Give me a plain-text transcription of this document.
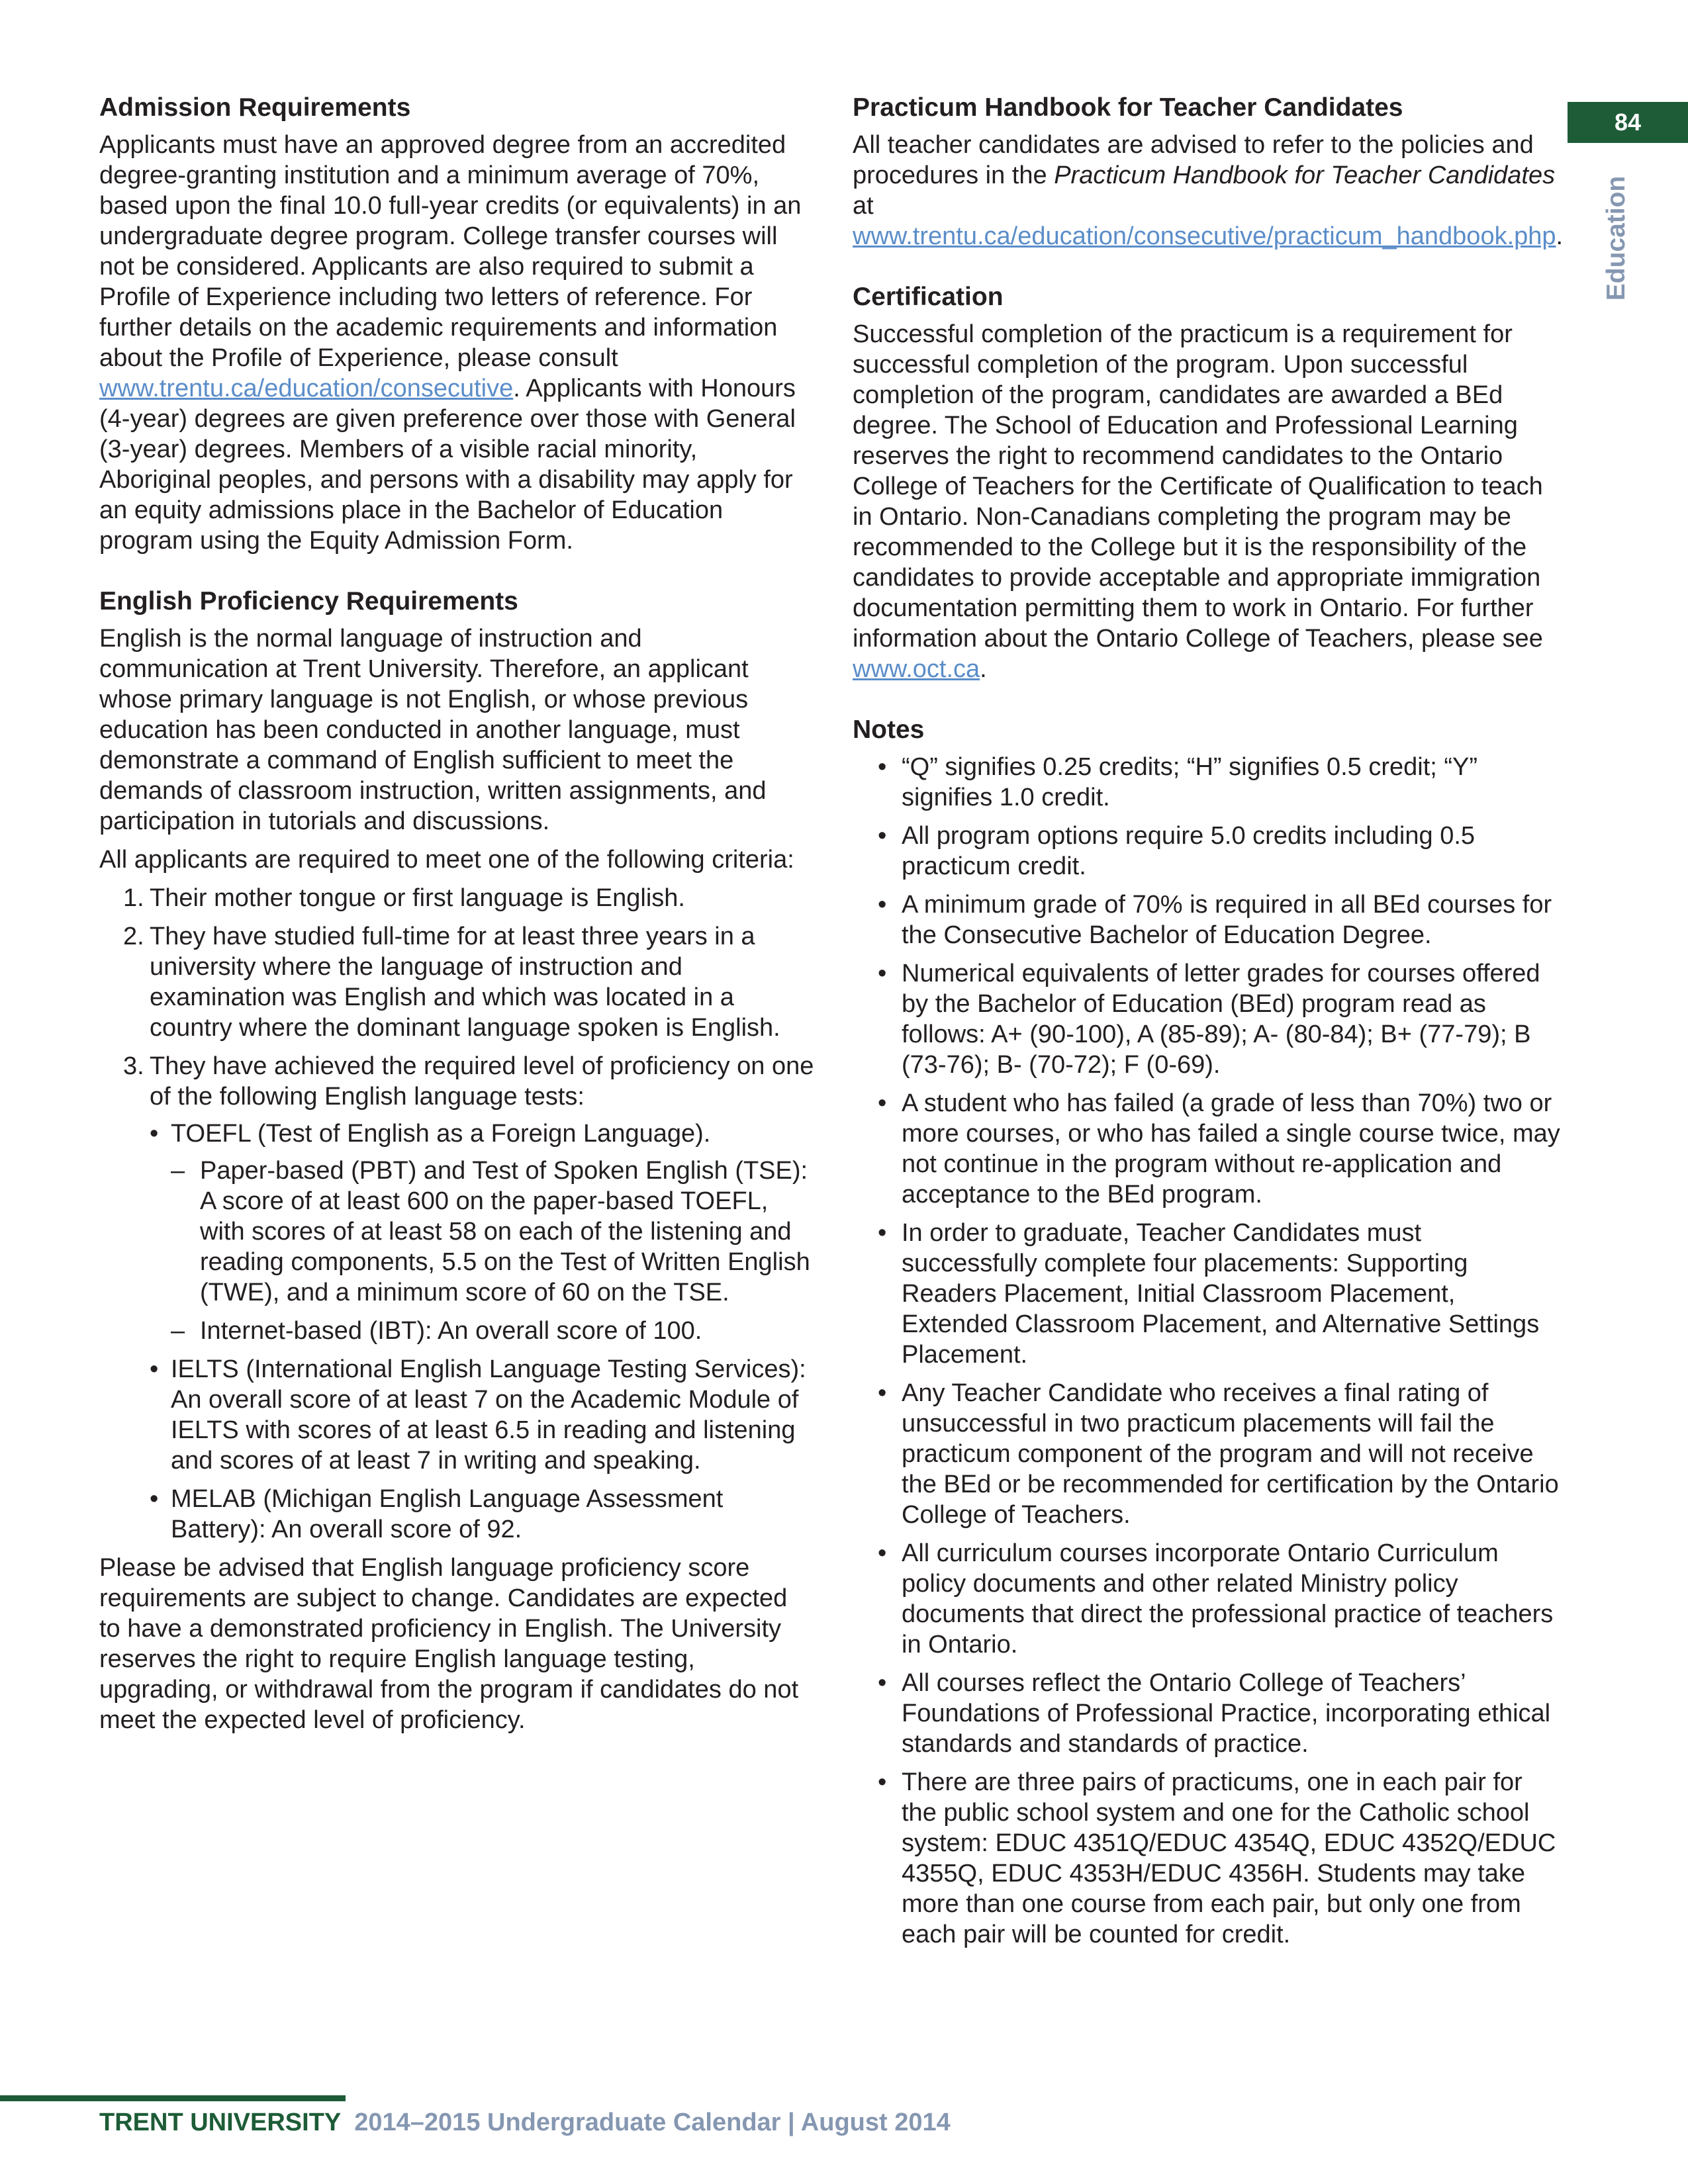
Admission Requirements

Applicants must have an approved degree from an accredited degree-granting institution and a minimum average of 70%, based upon the final 10.0 full-year credits (or equivalents) in an undergraduate degree program. College transfer courses will not be considered. Applicants are also required to submit a Profile of Experience including two letters of reference. For further details on the academic requirements and information about the Profile of Experience, please consult www.trentu.ca/education/consecutive. Applicants with Honours (4-year) degrees are given preference over those with General (3-year) degrees. Members of a visible racial minority, Aboriginal peoples, and persons with a disability may apply for an equity admissions place in the Bachelor of Education program using the Equity Admission Form.

English Proficiency Requirements

English is the normal language of instruction and communication at Trent University. Therefore, an applicant whose primary language is not English, or whose previous education has been conducted in another language, must demonstrate a command of English sufficient to meet the demands of classroom instruction, written assignments, and participation in tutorials and discussions.

All applicants are required to meet one of the following criteria:

1. Their mother tongue or first language is English.
2. They have studied full-time for at least three years in a university where the language of instruction and examination was English and which was located in a country where the dominant language spoken is English.
3. They have achieved the required level of proficiency on one of the following English language tests:
• TOEFL (Test of English as a Foreign Language).
– Paper-based (PBT) and Test of Spoken English (TSE): A score of at least 600 on the paper-based TOEFL, with scores of at least 58 on each of the listening and reading components, 5.5 on the Test of Written English (TWE), and a minimum score of 60 on the TSE.
– Internet-based (IBT): An overall score of 100.
• IELTS (International English Language Testing Services): An overall score of at least 7 on the Academic Module of IELTS with scores of at least 6.5 in reading and listening and scores of at least 7 in writing and speaking.
• MELAB (Michigan English Language Assessment Battery): An overall score of 92.

Please be advised that English language proficiency score requirements are subject to change. Candidates are expected to have a demonstrated proficiency in English. The University reserves the right to require English language testing, upgrading, or withdrawal from the program if candidates do not meet the expected level of proficiency.

Practicum Handbook for Teacher Candidates

All teacher candidates are advised to refer to the policies and procedures in the Practicum Handbook for Teacher Candidates at www.trentu.ca/education/consecutive/practicum_handbook.php.

Certification

Successful completion of the practicum is a requirement for successful completion of the program. Upon successful completion of the program, candidates are awarded a BEd degree. The School of Education and Professional Learning reserves the right to recommend candidates to the Ontario College of Teachers for the Certificate of Qualification to teach in Ontario. Non-Canadians completing the program may be recommended to the College but it is the responsibility of the candidates to provide acceptable and appropriate immigration documentation permitting them to work in Ontario. For further information about the Ontario College of Teachers, please see www.oct.ca.

Notes
• “Q” signifies 0.25 credits; “H” signifies 0.5 credit; “Y” signifies 1.0 credit.
• All program options require 5.0 credits including 0.5 practicum credit.
• A minimum grade of 70% is required in all BEd courses for the Consecutive Bachelor of Education Degree.
• Numerical equivalents of letter grades for courses offered by the Bachelor of Education (BEd) program read as follows: A+ (90-100), A (85-89); A- (80-84); B+ (77-79); B (73-76); B- (70-72); F (0-69).
• A student who has failed (a grade of less than 70%) two or more courses, or who has failed a single course twice, may not continue in the program without re-application and acceptance to the BEd program.
• In order to graduate, Teacher Candidates must successfully complete four placements: Supporting Readers Placement, Initial Classroom Placement, Extended Classroom Placement, and Alternative Settings Placement.
• Any Teacher Candidate who receives a final rating of unsuccessful in two practicum placements will fail the practicum component of the program and will not receive the BEd or be recommended for certification by the Ontario College of Teachers.
• All curriculum courses incorporate Ontario Curriculum policy documents and other related Ministry policy documents that direct the professional practice of teachers in Ontario.
• All courses reflect the Ontario College of Teachers’ Foundations of Professional Practice, incorporating ethical standards and standards of practice.
• There are three pairs of practicums, one in each pair for the public school system and one for the Catholic school system: EDUC 4351Q/EDUC 4354Q, EDUC 4352Q/EDUC 4355Q, EDUC 4353H/EDUC 4356H. Students may take more than one course from each pair, but only one from each pair will be counted for credit.
84
Education
TRENT UNIVERSITY 2014–2015 Undergraduate Calendar | August 2014
